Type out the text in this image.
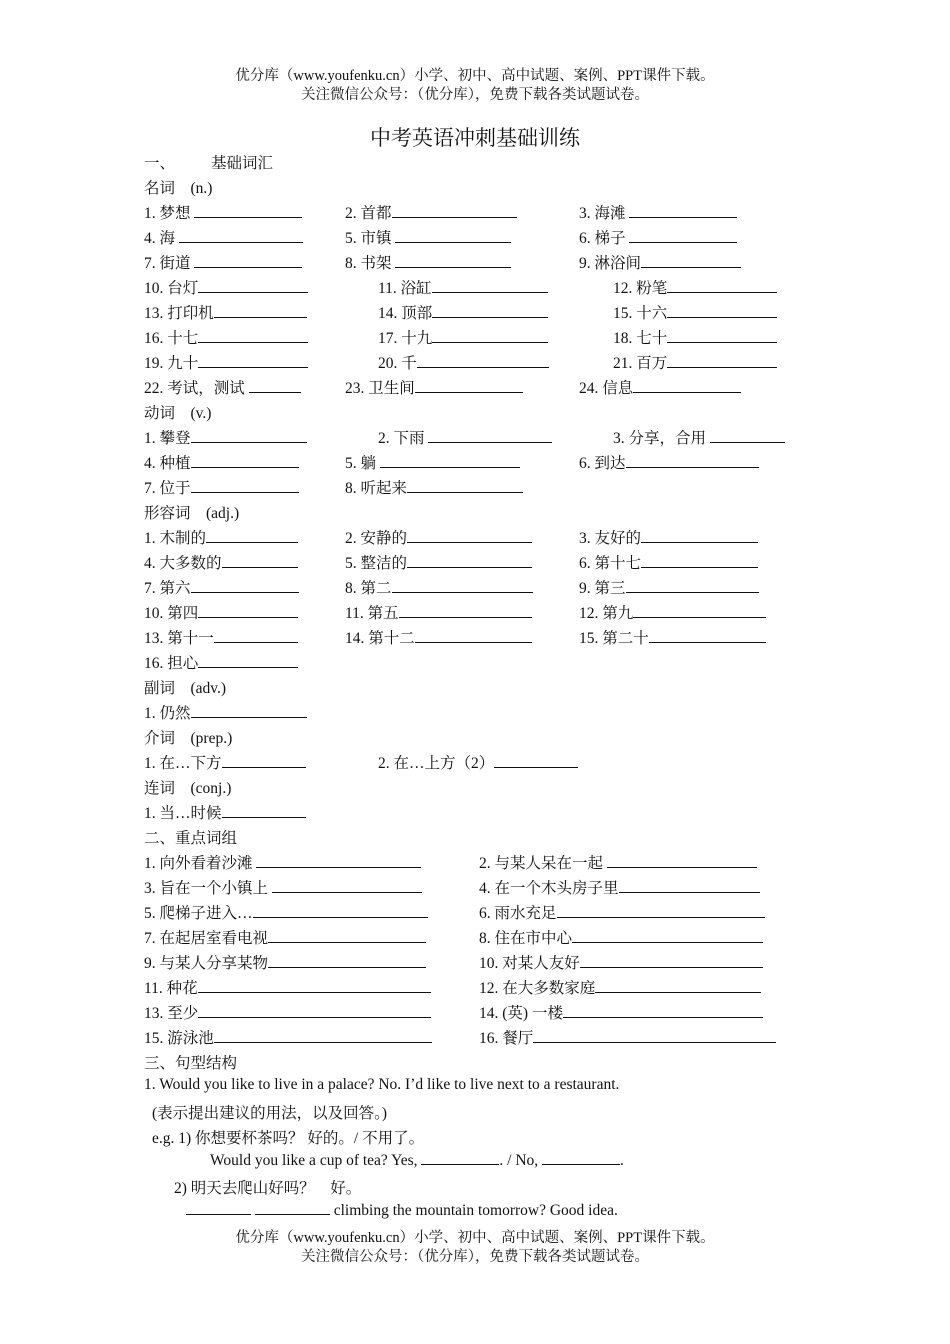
优分库（www.youfenku.cn）小学、初中、高中试题、案例、PPT课件下载。
关注微信公众号：（优分库），免费下载各类试题试卷。
中考英语冲刺基础训练
一、 基础词汇
名词　(n.)
1. 梦想	2. 首都	3. 海滩
4. 海	5. 市镇	6. 梯子
7. 街道	8. 书架	9. 淋浴间
10. 台灯	11. 浴缸	12. 粉笔
13. 打印机	14. 顶部	15. 十六
16. 十七	17. 十九	18. 七十
19. 九十	20. 千	21. 百万
22. 考试，测试	23. 卫生间	24. 信息
动词　(v.)
1. 攀登	2. 下雨	3. 分享，合用
4. 种植	5. 躺	6. 到达
7. 位于	8. 听起来
形容词　(adj.)
1. 木制的	2. 安静的	3. 友好的
4. 大多数的	5. 整洁的	6. 第十七
7. 第六	8. 第二	9. 第三
10. 第四	11. 第五	12. 第九
13. 第十一	14. 第十二	15. 第二十
16. 担心
副词　(adv.)
1. 仍然
介词　(prep.)
1. 在…下方	2. 在…上方（2）
连词　(conj.)
1. 当…时候
二、重点词组
1. 向外看着沙滩	2. 与某人呆在一起
3. 旨在一个小镇上	4. 在一个木头房子里
5. 爬梯子进入…	6. 雨水充足
7. 在起居室看电视	8. 住在市中心
9. 与某人分享某物	10. 对某人友好
11. 种花	12. 在大多数家庭
13. 至少	14. (英) 一楼
15. 游泳池	16. 餐厅
三、句型结构
1. Would you like to live in a palace? No. I’d like to live next to a restaurant.
(表示提出建议的用法，以及回答。)
e.g. 1) 你想要杯茶吗？ 好的。/ 不用了。
Would you like a cup of tea? Yes,	. / No,	.
2) 明天去爬山好吗？　好。
climbing the mountain tomorrow? Good idea.
优分库（www.youfenku.cn）小学、初中、高中试题、案例、PPT课件下载。
关注微信公众号：（优分库），免费下载各类试题试卷。
